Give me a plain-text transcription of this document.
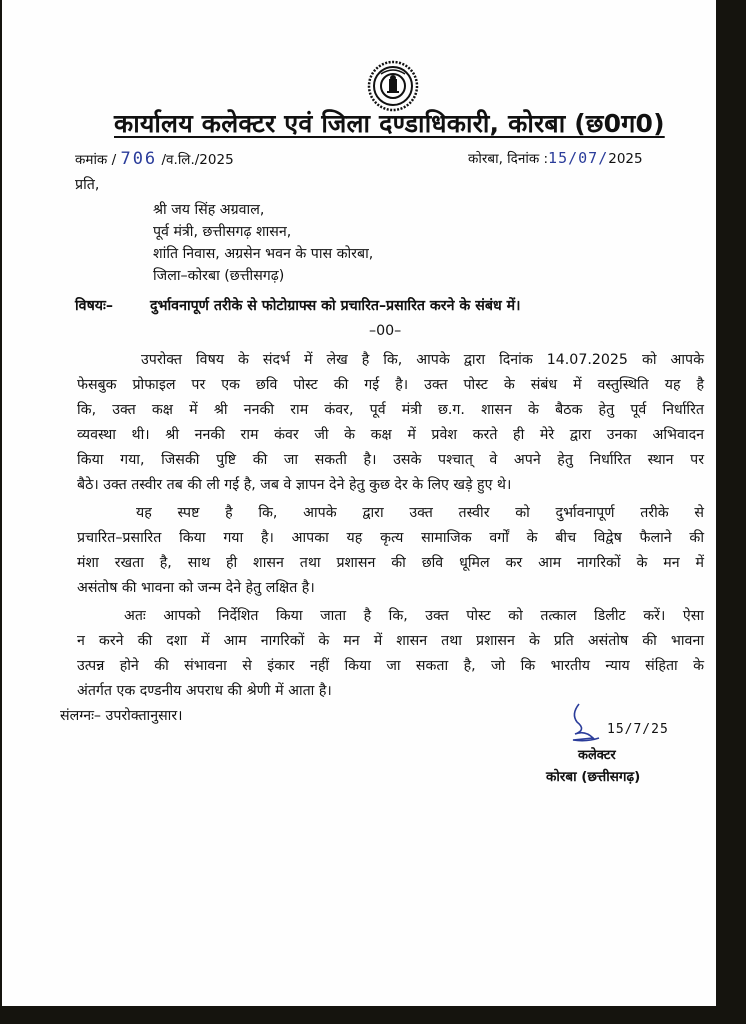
कार्यालय कलेक्टर एवं जिला दण्डाधिकारी, कोरबा (छ0ग0)
कमांक / 706 /व.लि./2025	कोरबा, दिनांक :15/07/2025
प्रति,
श्री जय सिंह अग्रवाल,
पूर्व मंत्री, छत्तीसगढ़ शासन,
शांति निवास, अग्रसेन भवन के पास कोरबा,
जिला–कोरबा (छत्तीसगढ़)
विषयः–	दुर्भावनापूर्ण तरीके से फोटोग्राफ्स को प्रचारित–प्रसारित करने के संबंध में।
–00–
उपरोक्त विषय के संदर्भ में लेख है कि, आपके द्वारा दिनांक 14.07.2025 को आपके
फेसबुक प्रोफाइल पर एक छवि पोस्ट की गई है। उक्त पोस्ट के संबंध में वस्तुस्थिति यह है
कि, उक्त कक्ष में श्री ननकी राम कंवर, पूर्व मंत्री छ.ग. शासन के बैठक हेतु पूर्व निर्धारित
व्यवस्था थी। श्री ननकी राम कंवर जी के कक्ष में प्रवेश करते ही मेरे द्वारा उनका अभिवादन
किया गया, जिसकी पुष्टि की जा सकती है। उसके पश्चात् वे अपने हेतु निर्धारित स्थान पर
बैठे। उक्त तस्वीर तब की ली गई है, जब वे ज्ञापन देने हेतु कुछ देर के लिए खड़े हुए थे।
यह स्पष्ट है कि, आपके द्वारा उक्त तस्वीर को दुर्भावनापूर्ण तरीके से
प्रचारित–प्रसारित किया गया है। आपका यह कृत्य सामाजिक वर्गों के बीच विद्वेष फैलाने की
मंशा रखता है, साथ ही शासन तथा प्रशासन की छवि धूमिल कर आम नागरिकों के मन में
असंतोष की भावना को जन्म देने हेतु लक्षित है।
अतः आपको निर्देशित किया जाता है कि, उक्त पोस्ट को तत्काल डिलीट करें। ऐसा
न करने की दशा में आम नागरिकों के मन में शासन तथा प्रशासन के प्रति असंतोष की भावना
उत्पन्न होने की संभावना से इंकार नहीं किया जा सकता है, जो कि भारतीय न्याय संहिता के
अंतर्गत एक दण्डनीय अपराध की श्रेणी में आता है।
संलग्नः– उपरोक्तानुसार।
15/7/25
कलेक्टर
कोरबा (छत्तीसगढ़)
